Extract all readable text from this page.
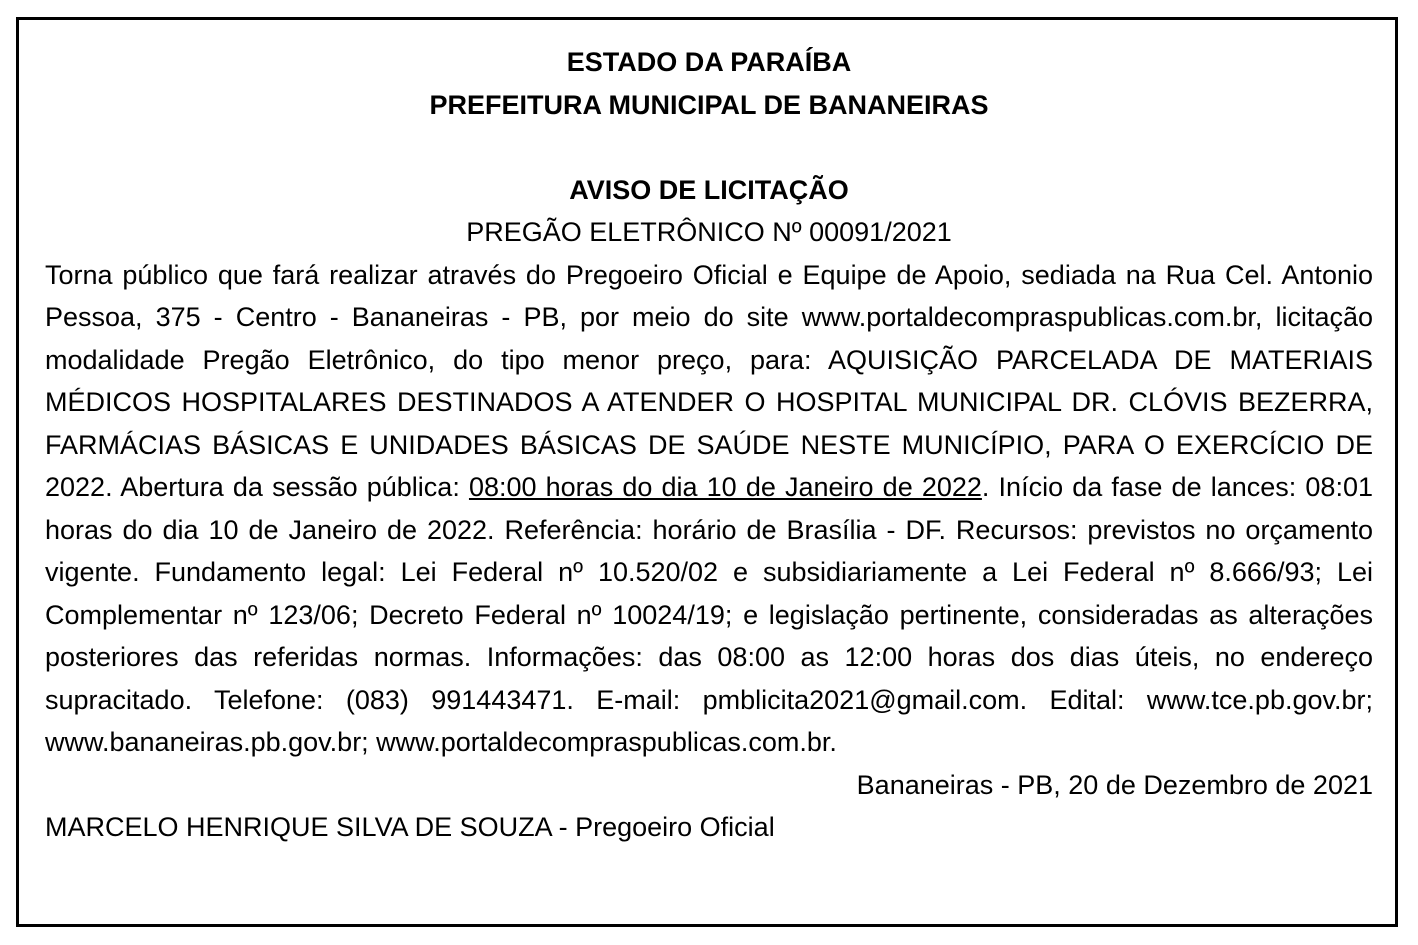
ESTADO DA PARAÍBA
PREFEITURA MUNICIPAL DE BANANEIRAS
AVISO DE LICITAÇÃO
PREGÃO ELETRÔNICO Nº 00091/2021
Torna público que fará realizar através do Pregoeiro Oficial e Equipe de Apoio, sediada na Rua Cel. Antonio Pessoa, 375 - Centro - Bananeiras - PB, por meio do site www.portaldecompraspublicas.com.br, licitação modalidade Pregão Eletrônico, do tipo menor preço, para: AQUISIÇÃO PARCELADA DE MATERIAIS MÉDICOS HOSPITALARES DESTINADOS A ATENDER O HOSPITAL MUNICIPAL DR. CLÓVIS BEZERRA, FARMÁCIAS BÁSICAS E UNIDADES BÁSICAS DE SAÚDE NESTE MUNICÍPIO, PARA O EXERCÍCIO DE 2022. Abertura da sessão pública: 08:00 horas do dia 10 de Janeiro de 2022. Início da fase de lances: 08:01 horas do dia 10 de Janeiro de 2022. Referência: horário de Brasília - DF. Recursos: previstos no orçamento vigente. Fundamento legal: Lei Federal nº 10.520/02 e subsidiariamente a Lei Federal nº 8.666/93; Lei Complementar nº 123/06; Decreto Federal nº 10024/19; e legislação pertinente, consideradas as alterações posteriores das referidas normas. Informações: das 08:00 as 12:00 horas dos dias úteis, no endereço supracitado. Telefone: (083) 991443471. E-mail: pmblicita2021@gmail.com. Edital: www.tce.pb.gov.br; www.bananeiras.pb.gov.br; www.portaldecompraspublicas.com.br.
Bananeiras - PB, 20 de Dezembro de 2021
MARCELO HENRIQUE SILVA DE SOUZA - Pregoeiro Oficial
